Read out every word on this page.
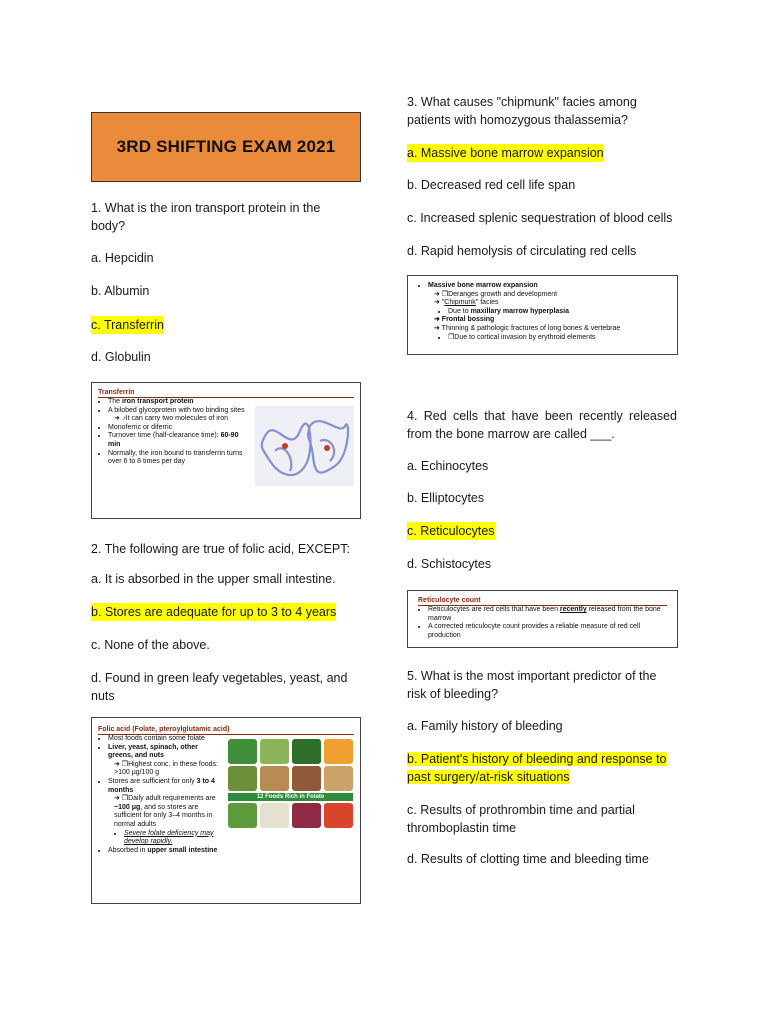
3RD SHIFTING EXAM 2021
1. What is the iron transport protein in the body?
a. Hepcidin
b. Albumin
c. Transferrin
d. Globulin
Transferrin
• The iron transport protein
• A bilobed glycoprotein with two binding sites
➜ ⍻It can carry two molecules of iron
• Monoferric or diferric
• Turnover time (half-clearance time): 60-90 min
• Normally, the iron bound to transferrin turns over 6 to 8 times per day
2. The following are true of folic acid, EXCEPT:
a. It is absorbed in the upper small intestine.
b. Stores are adequate for up to 3 to 4 years
c. None of the above.
d. Found in green leafy vegetables, yeast, and nuts
Folic acid (Folate, pteroylglutamic acid)
• Most foods contain some folate
• Liver, yeast, spinach, other greens, and nuts
➜ ❒Highest conc. in these foods: >100 μg/100 g
• Stores are sufficient for only 3 to 4 months
➜ ❒Daily adult requirements are ~100 μg, and so stores are sufficient for only 3–4 months in normal adults
• Severe folate deficiency may develop rapidly.
• Absorbed in upper small intestine
12 Foods Rich in Folate
3. What causes "chipmunk" facies among patients with homozygous thalassemia?
a. Massive bone marrow expansion
b. Decreased red cell life span
c. Increased splenic sequestration of blood cells
d. Rapid hemolysis of circulating red cells
• Massive bone marrow expansion
➜ ❒Deranges growth and development
➜ "Chipmunk" facies
• Due to maxillary marrow hyperplasia
➜ Frontal bossing
➜ Thinning & pathologic fractures of long bones & vertebrae
• ❒Due to cortical invasion by erythroid elements
4. Red cells that have been recently released from the bone marrow are called ___.
a. Echinocytes
b. Elliptocytes
c. Reticulocytes
d. Schistocytes
Reticulocyte count
• Reticulocytes are red cells that have been recently released from the bone marrow
• A corrected reticulocyte count provides a reliable measure of red cell production
5. What is the most important predictor of the risk of bleeding?
a. Family history of bleeding
b. Patient's history of bleeding and response to past surgery/at-risk situations
c. Results of prothrombin time and partial thromboplastin time
d. Results of clotting time and bleeding time
